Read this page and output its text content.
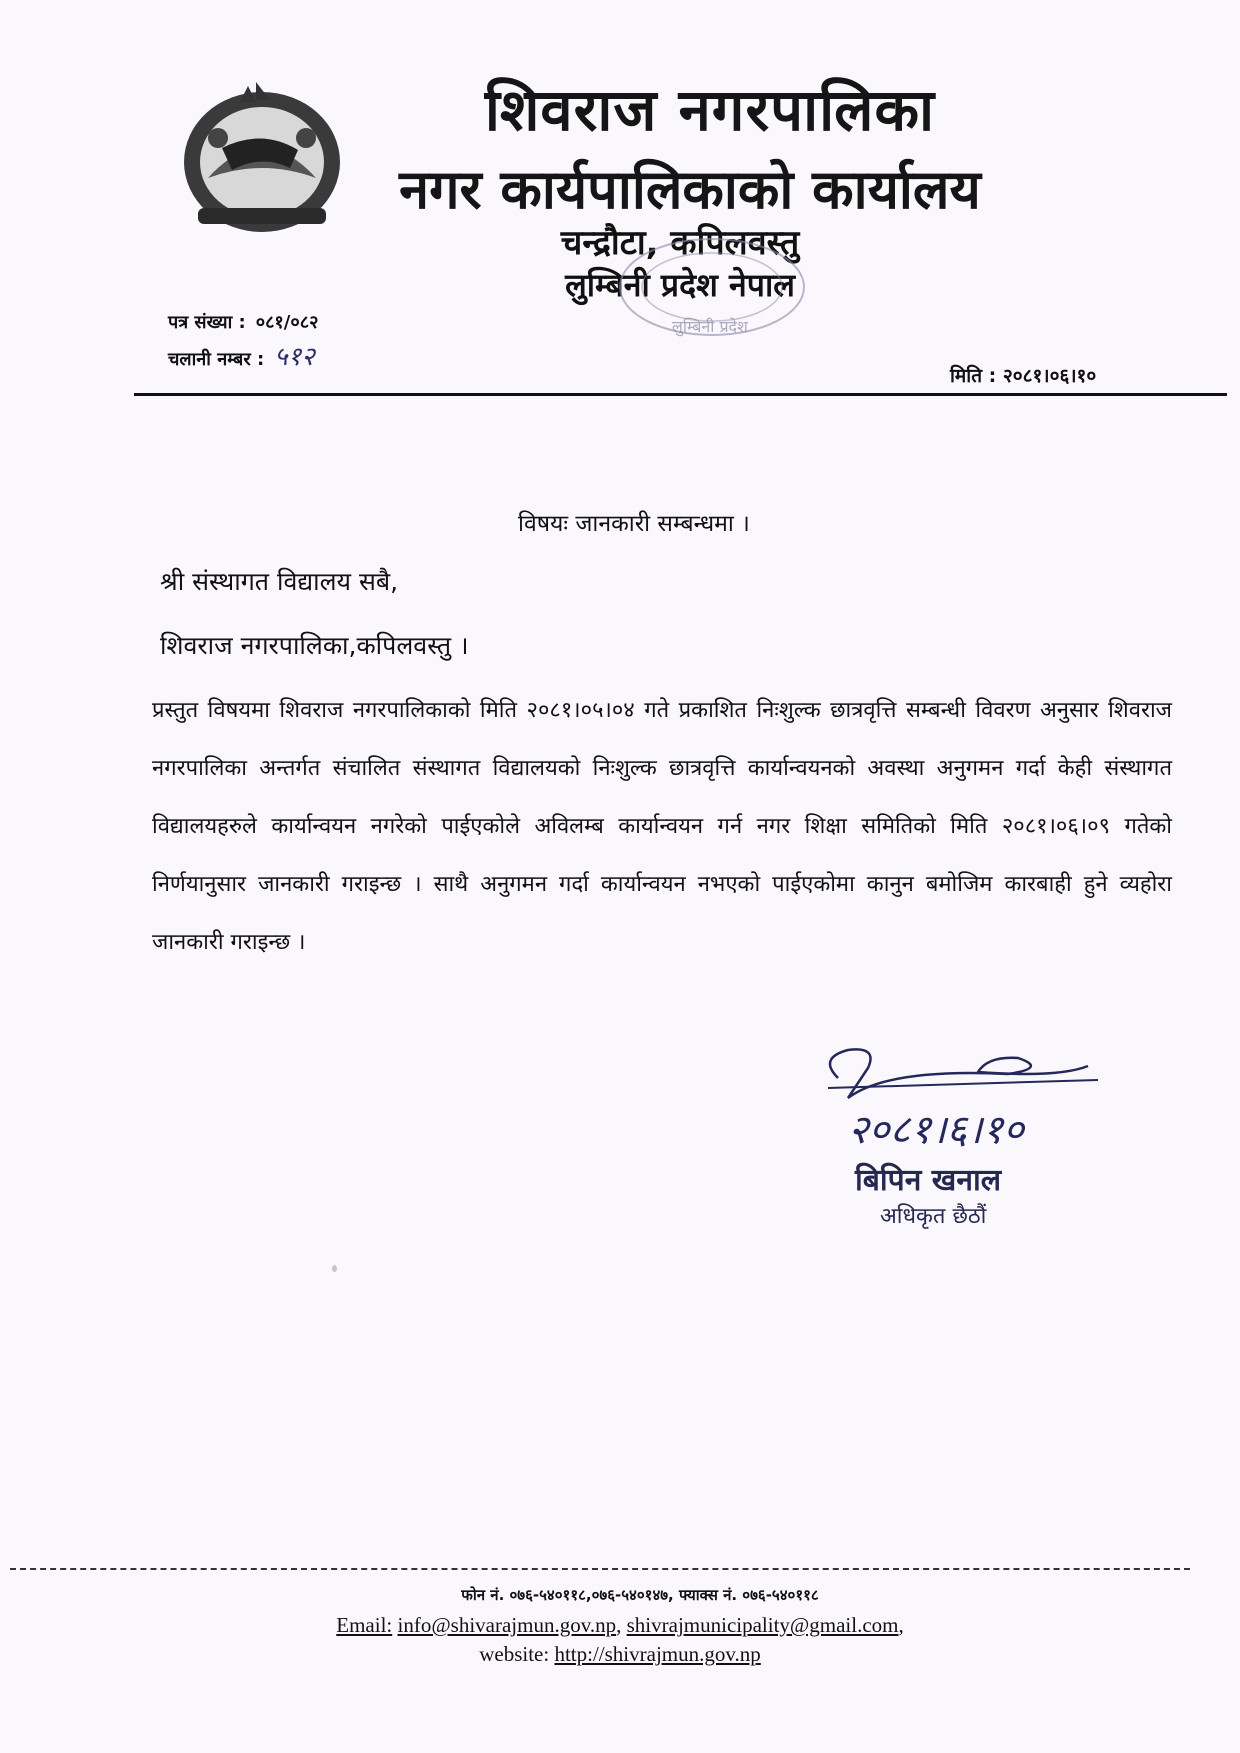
शिवराज नगरपालिका
नगर कार्यपालिकाको कार्यालय
चन्द्रौटा, कपिलवस्तु
लुम्बिनी प्रदेश नेपाल
लुम्बिनी प्रदेश
पत्र संख्या : ०८१/०८२
चलानी नम्बर : ५१२
मिति : २०८१।०६।१०
विषयः जानकारी सम्बन्धमा ।
श्री संस्थागत विद्यालय सबै,
शिवराज नगरपालिका,कपिलवस्तु ।
प्रस्तुत विषयमा शिवराज नगरपालिकाको मिति २०८१।०५।०४ गते प्रकाशित निःशुल्क छात्रवृत्ति सम्बन्धी विवरण अनुसार शिवराज नगरपालिका अन्तर्गत संचालित संस्थागत विद्यालयको निःशुल्क छात्रवृत्ति कार्यान्वयनको अवस्था अनुगमन गर्दा केही संस्थागत विद्यालयहरुले कार्यान्वयन नगरेको पाईएकोले अविलम्ब कार्यान्वयन गर्न नगर शिक्षा समितिको मिति २०८१।०६।०९ गतेको निर्णयानुसार जानकारी गराइन्छ । साथै अनुगमन गर्दा कार्यान्वयन नभएको पाईएकोमा कानुन बमोजिम कारबाही हुने व्यहोरा जानकारी गराइन्छ ।
२०८१।६।१०
बिपिन खनाल
अधिकृत छैठौं
फोन नं. ०७६-५४०११८,०७६-५४०१४७, फ्याक्स नं. ०७६-५४०११८
Email: info@shivarajmun.gov.np, shivrajmunicipality@gmail.com,
website: http://shivrajmun.gov.np
